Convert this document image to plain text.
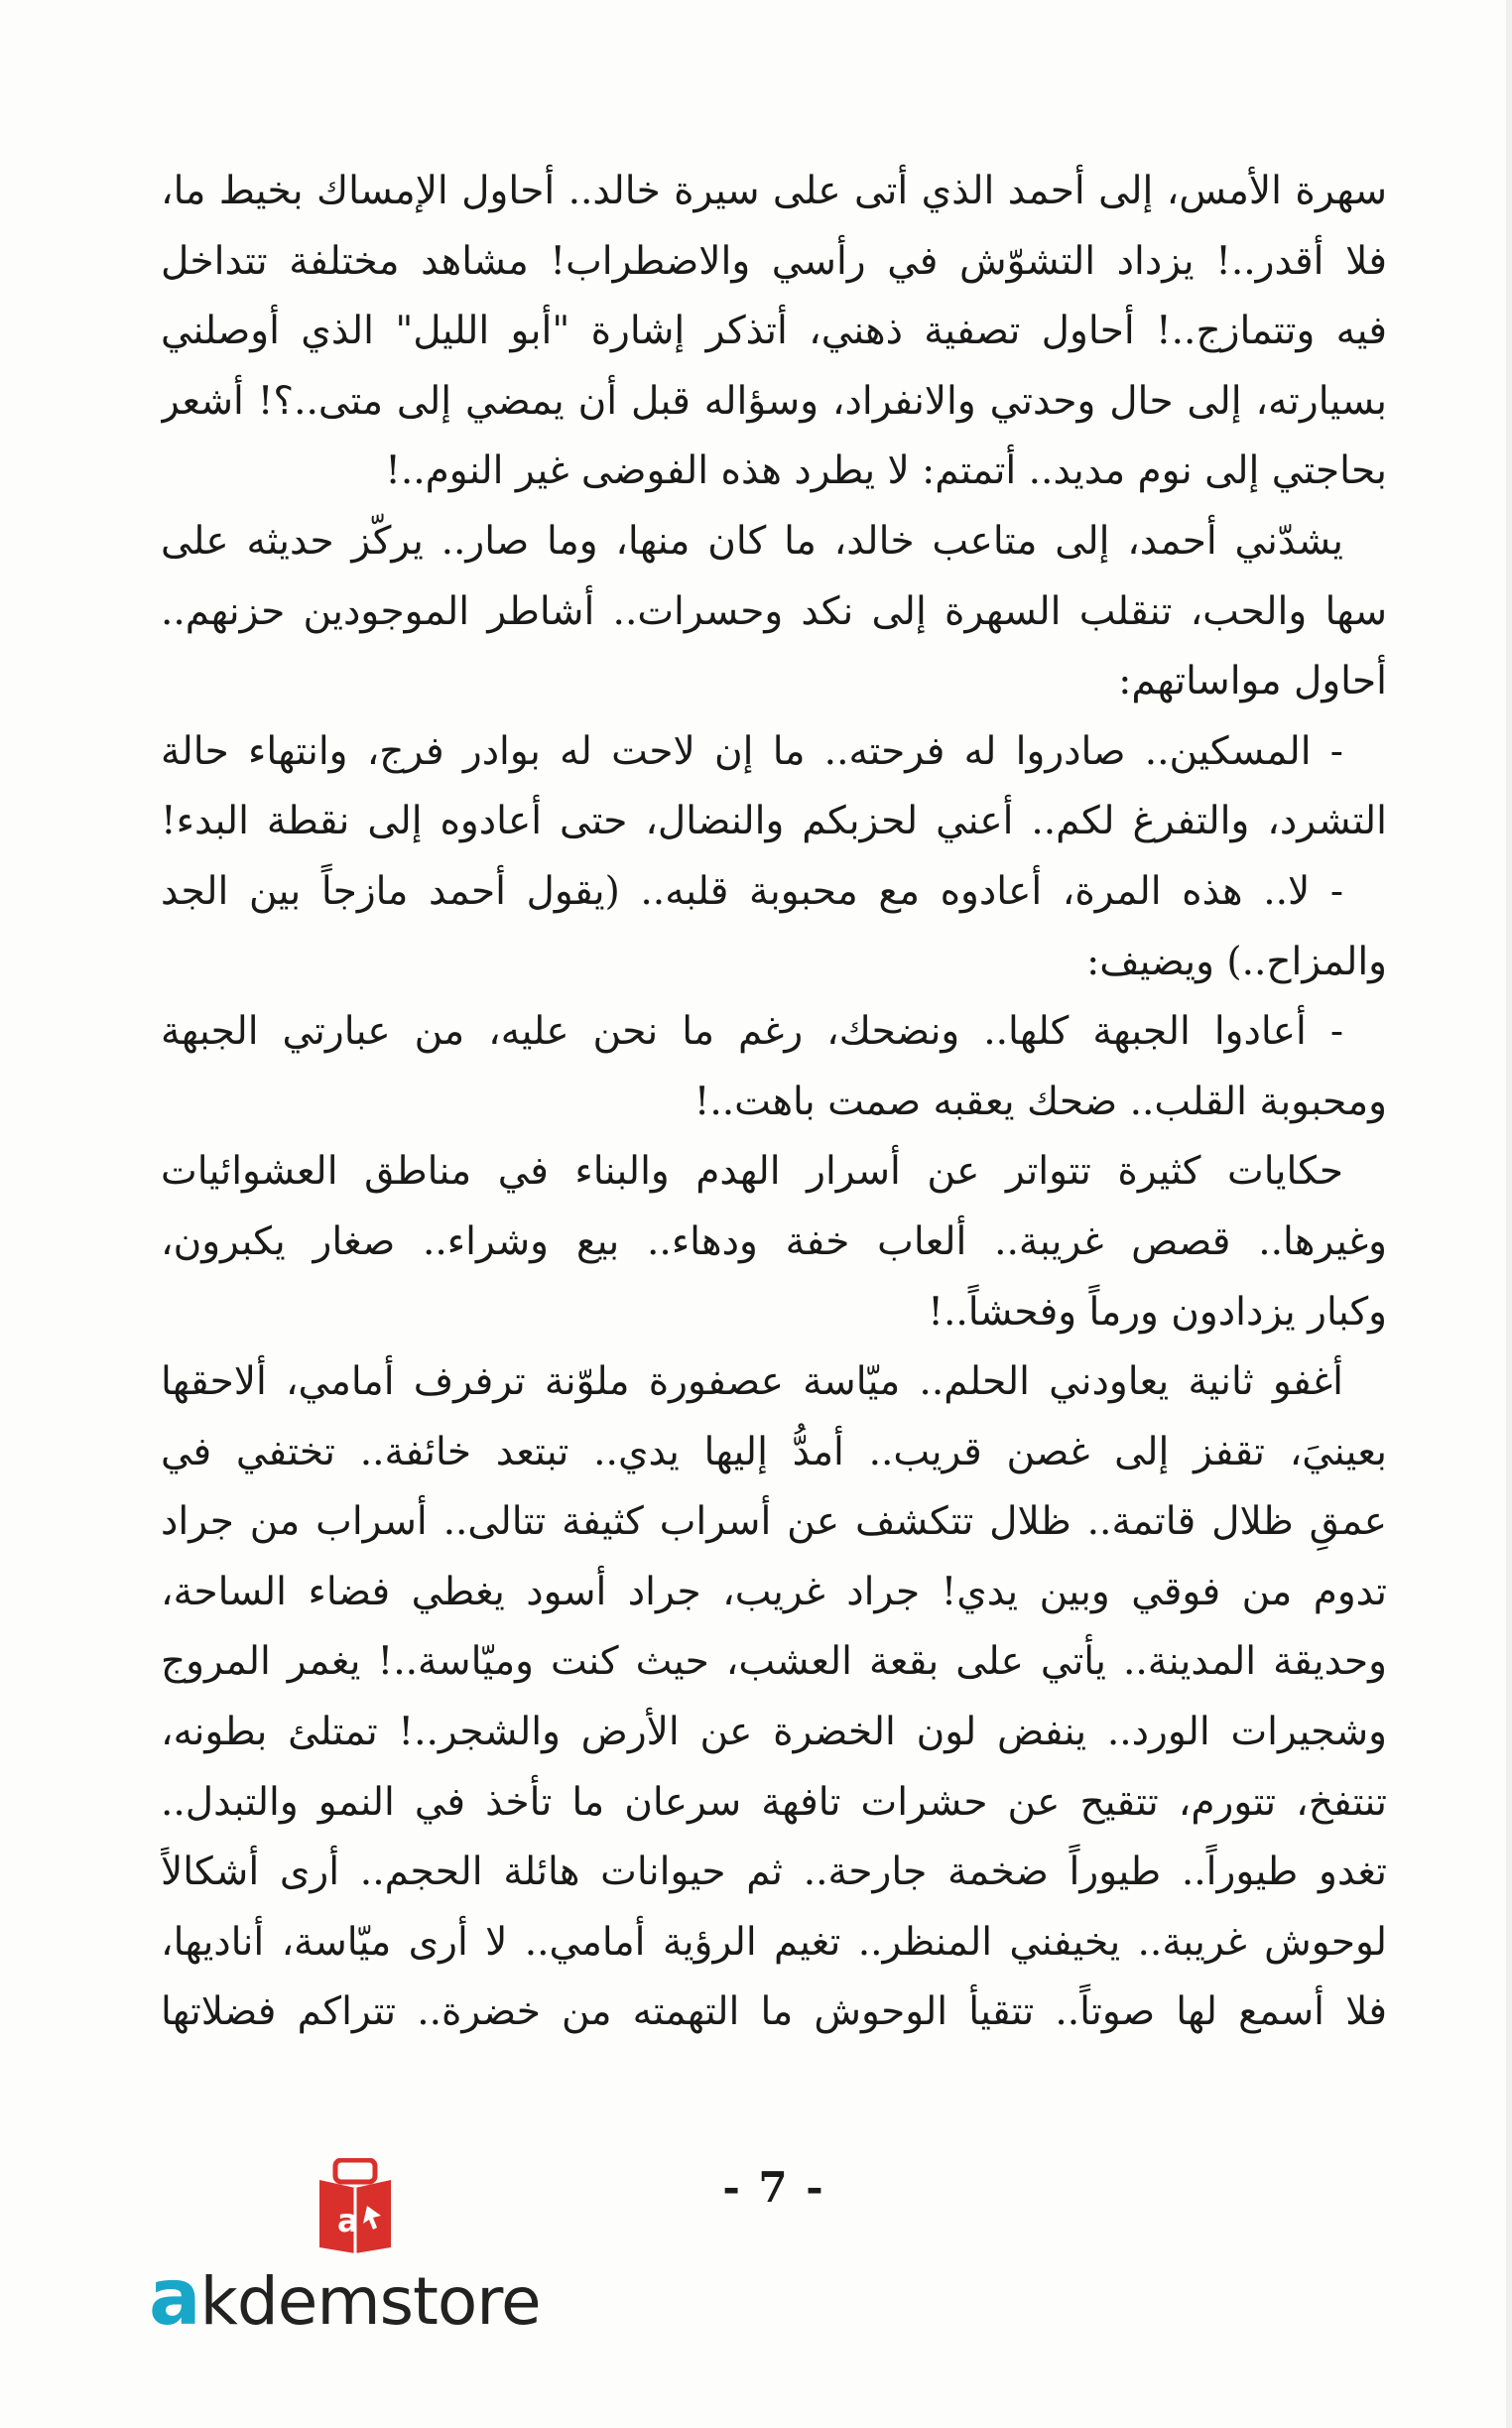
سهرة الأمس، إلى أحمد الذي أتى على سيرة خالد.. أحاول الإمساك بخيط ما،
فلا أقدر..! يزداد التشوّش في رأسي والاضطراب! مشاهد مختلفة تتداخل
فيه وتتمازج..! أحاول تصفية ذهني، أتذكر إشارة "أبو الليل" الذي أوصلني
بسيارته، إلى حال وحدتي والانفراد، وسؤاله قبل أن يمضي إلى متى..؟! أشعر
بحاجتي إلى نوم مديد.. أتمتم: لا يطرد هذه الفوضى غير النوم..!
يشدّني أحمد، إلى متاعب خالد، ما كان منها، وما صار.. يركّز حديثه على
سها والحب، تنقلب السهرة إلى نكد وحسرات.. أشاطر الموجودين حزنهم..
أحاول مواساتهم:
- المسكين.. صادروا له فرحته.. ما إن لاحت له بوادر فرج، وانتهاء حالة
التشرد، والتفرغ لكم.. أعني لحزبكم والنضال، حتى أعادوه إلى نقطة البدء!
- لا.. هذه المرة، أعادوه مع محبوبة قلبه.. (يقول أحمد مازجاً بين الجد
والمزاح..) ويضيف:
- أعادوا الجبهة كلها.. ونضحك، رغم ما نحن عليه، من عبارتي الجبهة
ومحبوبة القلب.. ضحك يعقبه صمت باهت..!
حكايات كثيرة تتواتر عن أسرار الهدم والبناء في مناطق العشوائيات
وغيرها.. قصص غريبة.. ألعاب خفة ودهاء.. بيع وشراء.. صغار يكبرون،
وكبار يزدادون ورماً وفحشاً..!
أغفو ثانية يعاودني الحلم.. ميّاسة عصفورة ملوّنة ترفرف أمامي، ألاحقها
بعينيَ، تقفز إلى غصن قريب.. أمدُّ إليها يدي.. تبتعد خائفة.. تختفي في
عمقِ ظلال قاتمة.. ظلال تتكشف عن أسراب كثيفة تتالى.. أسراب من جراد
تدوم من فوقي وبين يدي! جراد غريب، جراد أسود يغطي فضاء الساحة،
وحديقة المدينة.. يأتي على بقعة العشب، حيث كنت وميّاسة..! يغمر المروج
وشجيرات الورد.. ينفض لون الخضرة عن الأرض والشجر..! تمتلئ بطونه،
تنتفخ، تتورم، تتقيح عن حشرات تافهة سرعان ما تأخذ في النمو والتبدل..
تغدو طيوراً.. طيوراً ضخمة جارحة.. ثم حيوانات هائلة الحجم.. أرى أشكالاً
لوحوش غريبة.. يخيفني المنظر.. تغيم الرؤية أمامي.. لا أرى ميّاسة، أناديها،
فلا أسمع لها صوتاً.. تتقيأ الوحوش ما التهمته من خضرة.. تتراكم فضلاتها
- 7 -
a
akdemstore
